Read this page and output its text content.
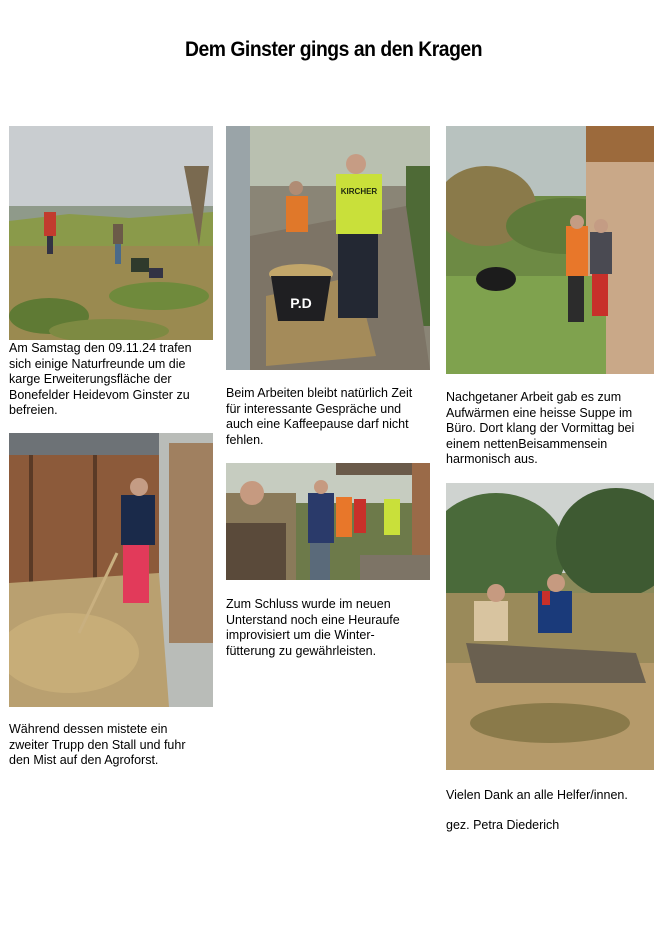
Dem Ginster gings an den Kragen
Am Samstag den 09.11.24 trafen
sich einige Naturfreunde um die
karge Erweiterungsfläche der
Bonefelder Heidevom Ginster zu
befreien.
P.D
KIRCHER
Beim Arbeiten bleibt natürlich Zeit
für interessante Gespräche und
auch eine Kaffeepause darf nicht
fehlen.
Nachgetaner Arbeit gab es zum
Aufwärmen eine heisse Suppe im
Büro. Dort klang der Vormittag bei
einem nettenBeisammensein
harmonisch aus.
Während dessen mistete ein
zweiter Trupp den Stall und fuhr
den Mist auf den Agroforst.
Zum Schluss wurde im neuen
Unterstand noch eine Heuraufe
improvisiert um die Winter-
fütterung zu gewährleisten.
Vielen Dank an alle Helfer/innen.
gez. Petra Diederich
